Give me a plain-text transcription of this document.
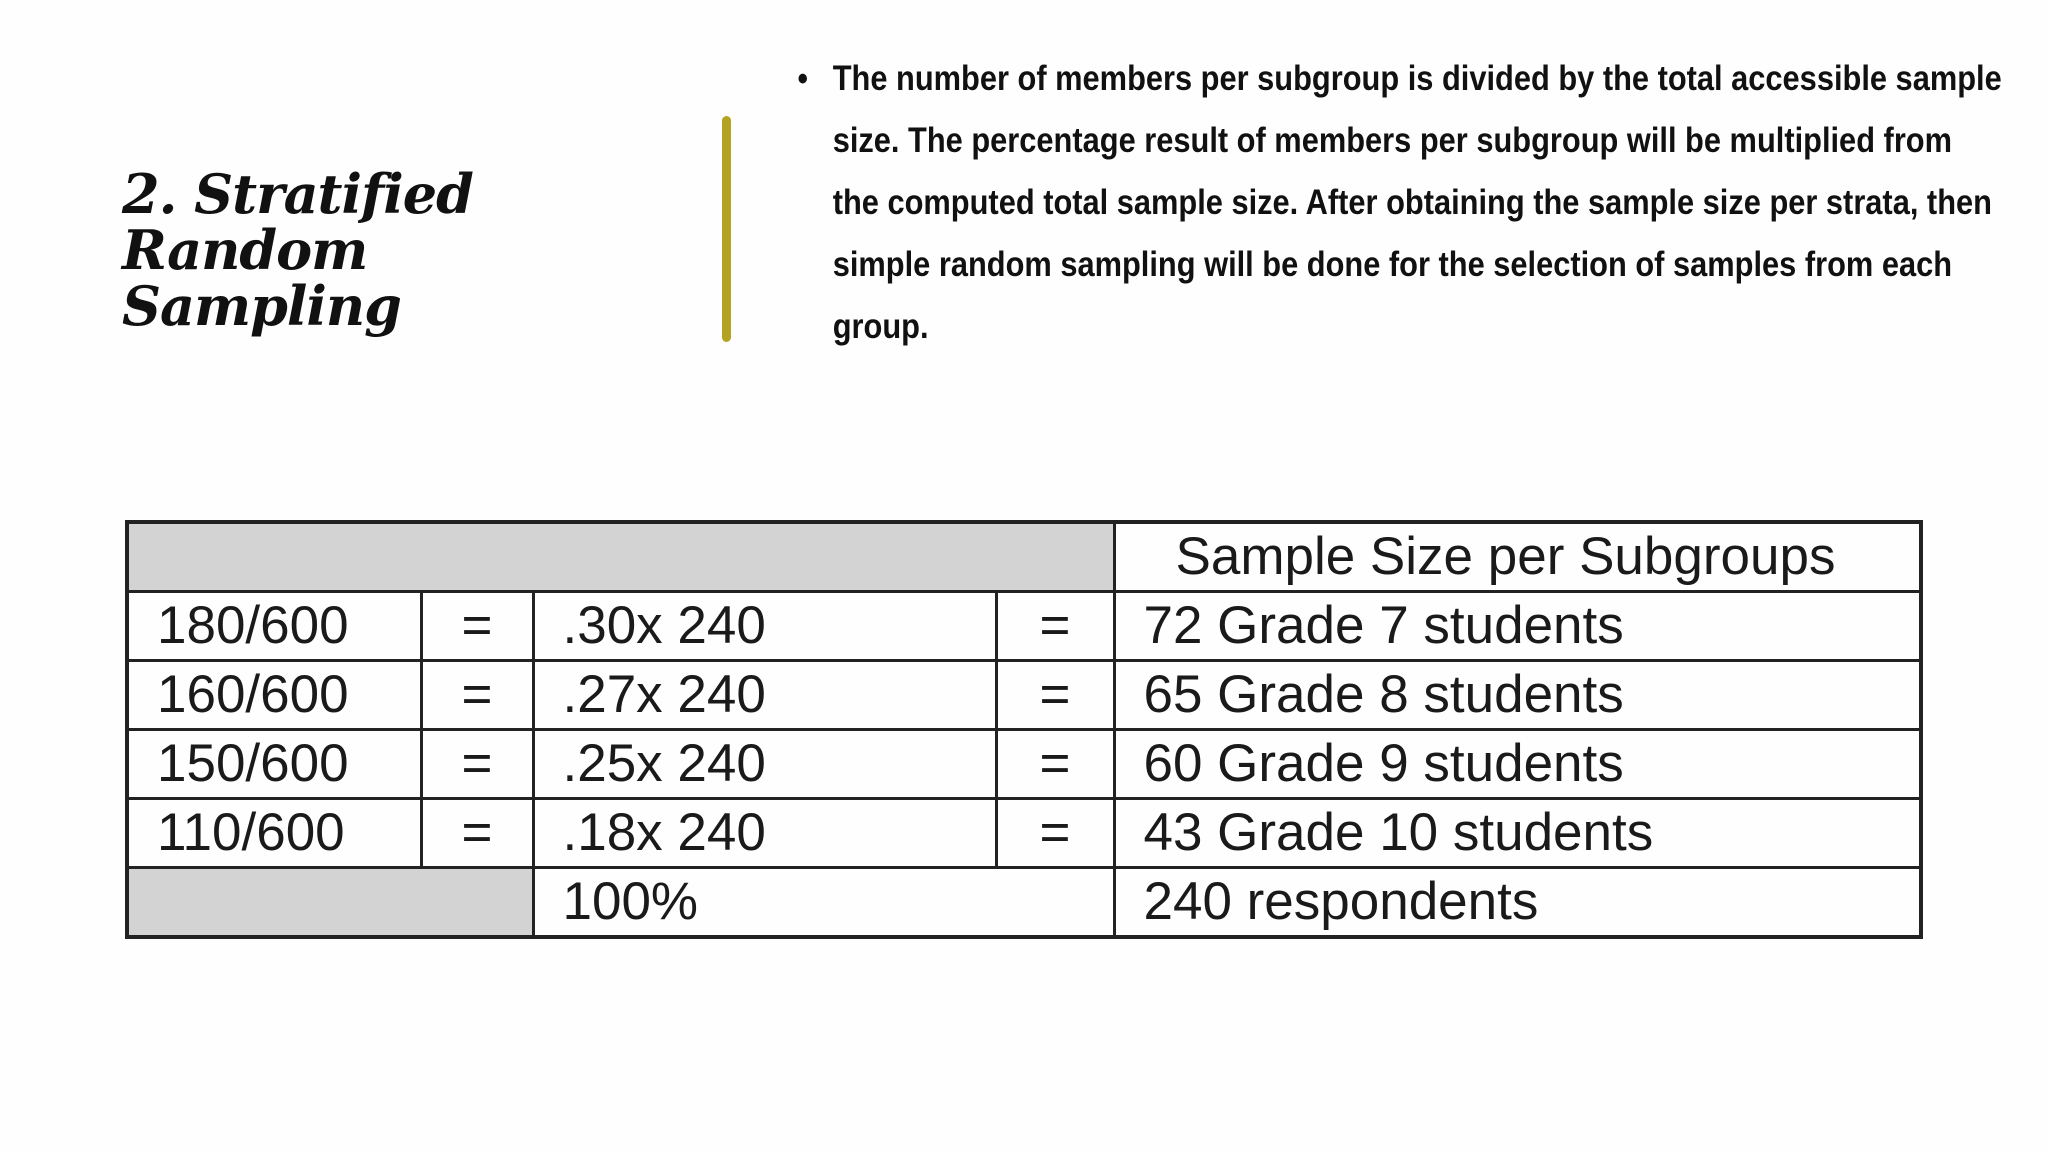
2. Stratified Random Sampling
• The number of members per subgroup is divided by the total accessible sample size. The percentage result of members per subgroup will be multiplied from the computed total sample size. After obtaining the sample size per strata, then simple random sampling will be done for the selection of samples from each group.
				Sample Size per Subgroups
180/600	=	.30x 240	=	72 Grade 7 students
160/600	=	.27x 240	=	65 Grade 8 students
150/600	=	.25x 240	=	60 Grade 9 students
110/600	=	.18x 240	=	43 Grade 10 students
		100%		240 respondents
